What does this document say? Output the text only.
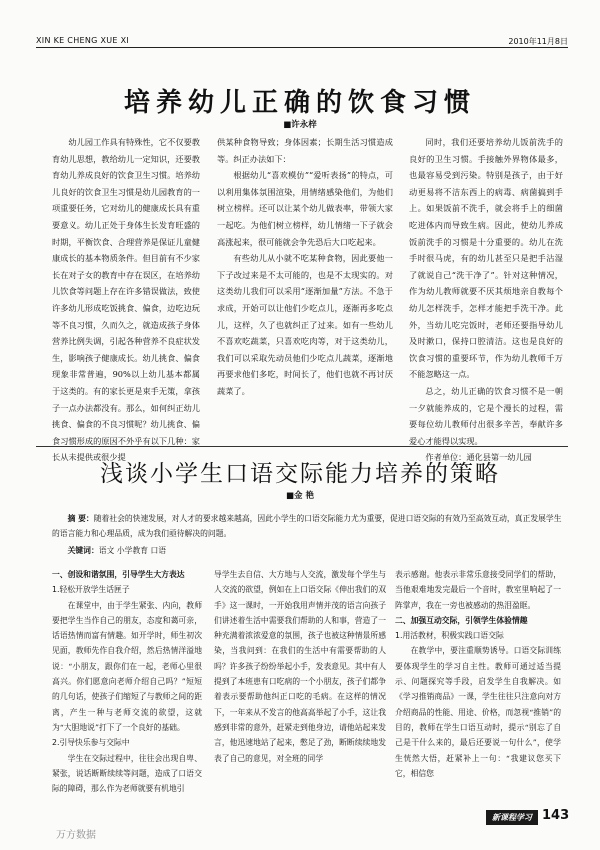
XIN KE CHENG XUE XI	2010年11月8日
培养幼儿正确的饮食习惯
■许永梓

幼儿园工作具有特殊性，它不仅要教育幼儿思想，教给幼儿一定知识，还要教育幼儿养成良好的饮食卫生习惯。培养幼儿良好的饮食卫生习惯是幼儿园教育的一项重要任务，它对幼儿的健康成长具有重要意义。幼儿正处于身体生长发育旺盛的时期，平衡饮食、合理营养是保证儿童健康成长的基本物质条件。但目前有不少家长在对子女的教育中存在误区，在培养幼儿饮食等问题上存在许多错误做法，致使许多幼儿形成吃饭挑食、偏食，边吃边玩等不良习惯，久而久之，就造成孩子身体营养比例失调，引起各种营养不良症状发生，影响孩子健康成长。幼儿挑食、偏食现象非常普遍，90%以上幼儿基本都属于这类的。有的家长更是束手无策，拿孩子一点办法都没有。那么，如何纠正幼儿挑食、偏食的不良习惯呢？幼儿挑食、偏食习惯形成的原因不外乎有以下几种：家长从未提供或很少提

供某种食物导致；身体因素；长期生活习惯造成等。纠正办法如下：

根据幼儿“喜欢模仿”“爱听表扬”的特点，可以利用集体氛围渲染，用情绪感染他们，为他们树立榜样。还可以让某个幼儿做表率，带领大家一起吃。为他们树立榜样，幼儿情绪一下子就会高涨起来，很可能就会争先恐后大口吃起来。

有些幼儿从小就不吃某种食物，因此要他一下子改过来是不太可能的，也是不太现实的。对这类幼儿我们可以采用“逐渐加量”方法。不急于求成，开始可以让他们少吃点儿，逐渐再多吃点儿，这样，久了也就纠正了过来。如有一些幼儿不喜欢吃蔬菜，只喜欢吃肉等，对于这类幼儿，我们可以采取先动员他们少吃点儿蔬菜，逐渐地再要求他们多吃，时间长了，他们也就不再讨厌蔬菜了。

同时，我们还要培养幼儿饭前洗手的良好的卫生习惯。手接触外界物体最多，也最容易受到污染。特别是孩子，由于好动更易将不洁东西上的病毒、病菌搞到手上。如果饭前不洗手，就会将手上的细菌吃进体内而导致生病。因此，使幼儿养成饭前洗手的习惯是十分重要的。幼儿在洗手时很马虎，有的幼儿甚至只是把手沾湿了就说自己“洗干净了”。针对这种情况，作为幼儿教师就要不厌其烦地亲自教每个幼儿怎样洗手，怎样才能把手洗干净。此外，当幼儿吃完饭时，老师还要指导幼儿及时漱口，保持口腔清洁。这也是良好的饮食习惯的重要环节，作为幼儿教师千万不能忽略这一点。

总之，幼儿正确的饮食习惯不是一朝一夕就能养成的，它是个漫长的过程，需要每位幼儿教师付出很多辛苦，奉献许多爱心才能得以实现。

作者单位：通化县第一幼儿园

浅谈小学生口语交际能力培养的策略
■金 艳
摘 要：随着社会的快速发展，对人才的要求越来越高，因此小学生的口语交际能力尤为重要，促进口语交际的有效乃至高效互动，真正发展学生的语言能力和心理品质，成为我们亟待解决的问题。
关键词：语文 小学教育 口语

一、创设和谐氛围，引导学生大方表达

1.轻松开放学生话匣子

在课堂中，由于学生紧张、内向，教师要把学生当作自己的朋友，态度和蔼可亲，话语热情而富有情趣。如开学时，师生初次见面，教师先作自我介绍，然后热情洋溢地说：“小朋友，跟你们在一起，老师心里很高兴。你们愿意向老师介绍自己吗？”短短的几句话，使孩子们缩短了与教师之间的距离，产生一种与老师交流的欲望，这就为“大胆地说”打下了一个良好的基础。

2.引导快乐参与交际中

学生在交际过程中，往往会出现自卑、紧张，说话断断续续等问题，造成了口语交际的障碍，那么作为老师就要有机地引

导学生去自信、大方地与人交流，激发每个学生与人交流的欲望，例如在上口语交际《伸出我们的双手》这一课时，一开始我用声情并茂的语言向孩子们讲述着生活中需要我们帮助的人和事，营造了一种充满着浓浓爱意的氛围，孩子也被这种情景所感染，当我问到：在我们的生活中有需要帮助的人吗？许多孩子纷纷举起小手，发表意见。其中有人提到了本班患有口吃病的一个小朋友，孩子们都争着表示要帮助他纠正口吃的毛病。在这样的情况下，一年来从不发言的他高高举起了小手，这让我感到非常的意外，赶紧走到他身边，请他站起来发言，他迅速地站了起来，憋足了劲，断断续续地发表了自己的意见，对全班的同学

表示感谢。他表示非常乐意接受同学们的帮助，当他艰难地发完最后一个音时，教室里响起了一阵掌声，我在一旁也被感动的热泪盈眶。

二、加强互动交际，引领学生体验情趣

1.用活教材，积极实践口语交际

在教学中，要注重顺势诱导。口语交际训练要体现学生的学习自主性。教师可通过适当提示、问题探究等手段，启发学生自我解决。如《学习推销商品》一课，学生往往只注意向对方介绍商品的性能、用途、价格，而忽视“推销”的目的，教师在学生口语互动时，提示“别忘了自己是干什么来的，最后还要说一句什么”，使学生恍然大悟，赶紧补上一句：“我建议您买下它，相信您

新课程学习 143
万方数据
